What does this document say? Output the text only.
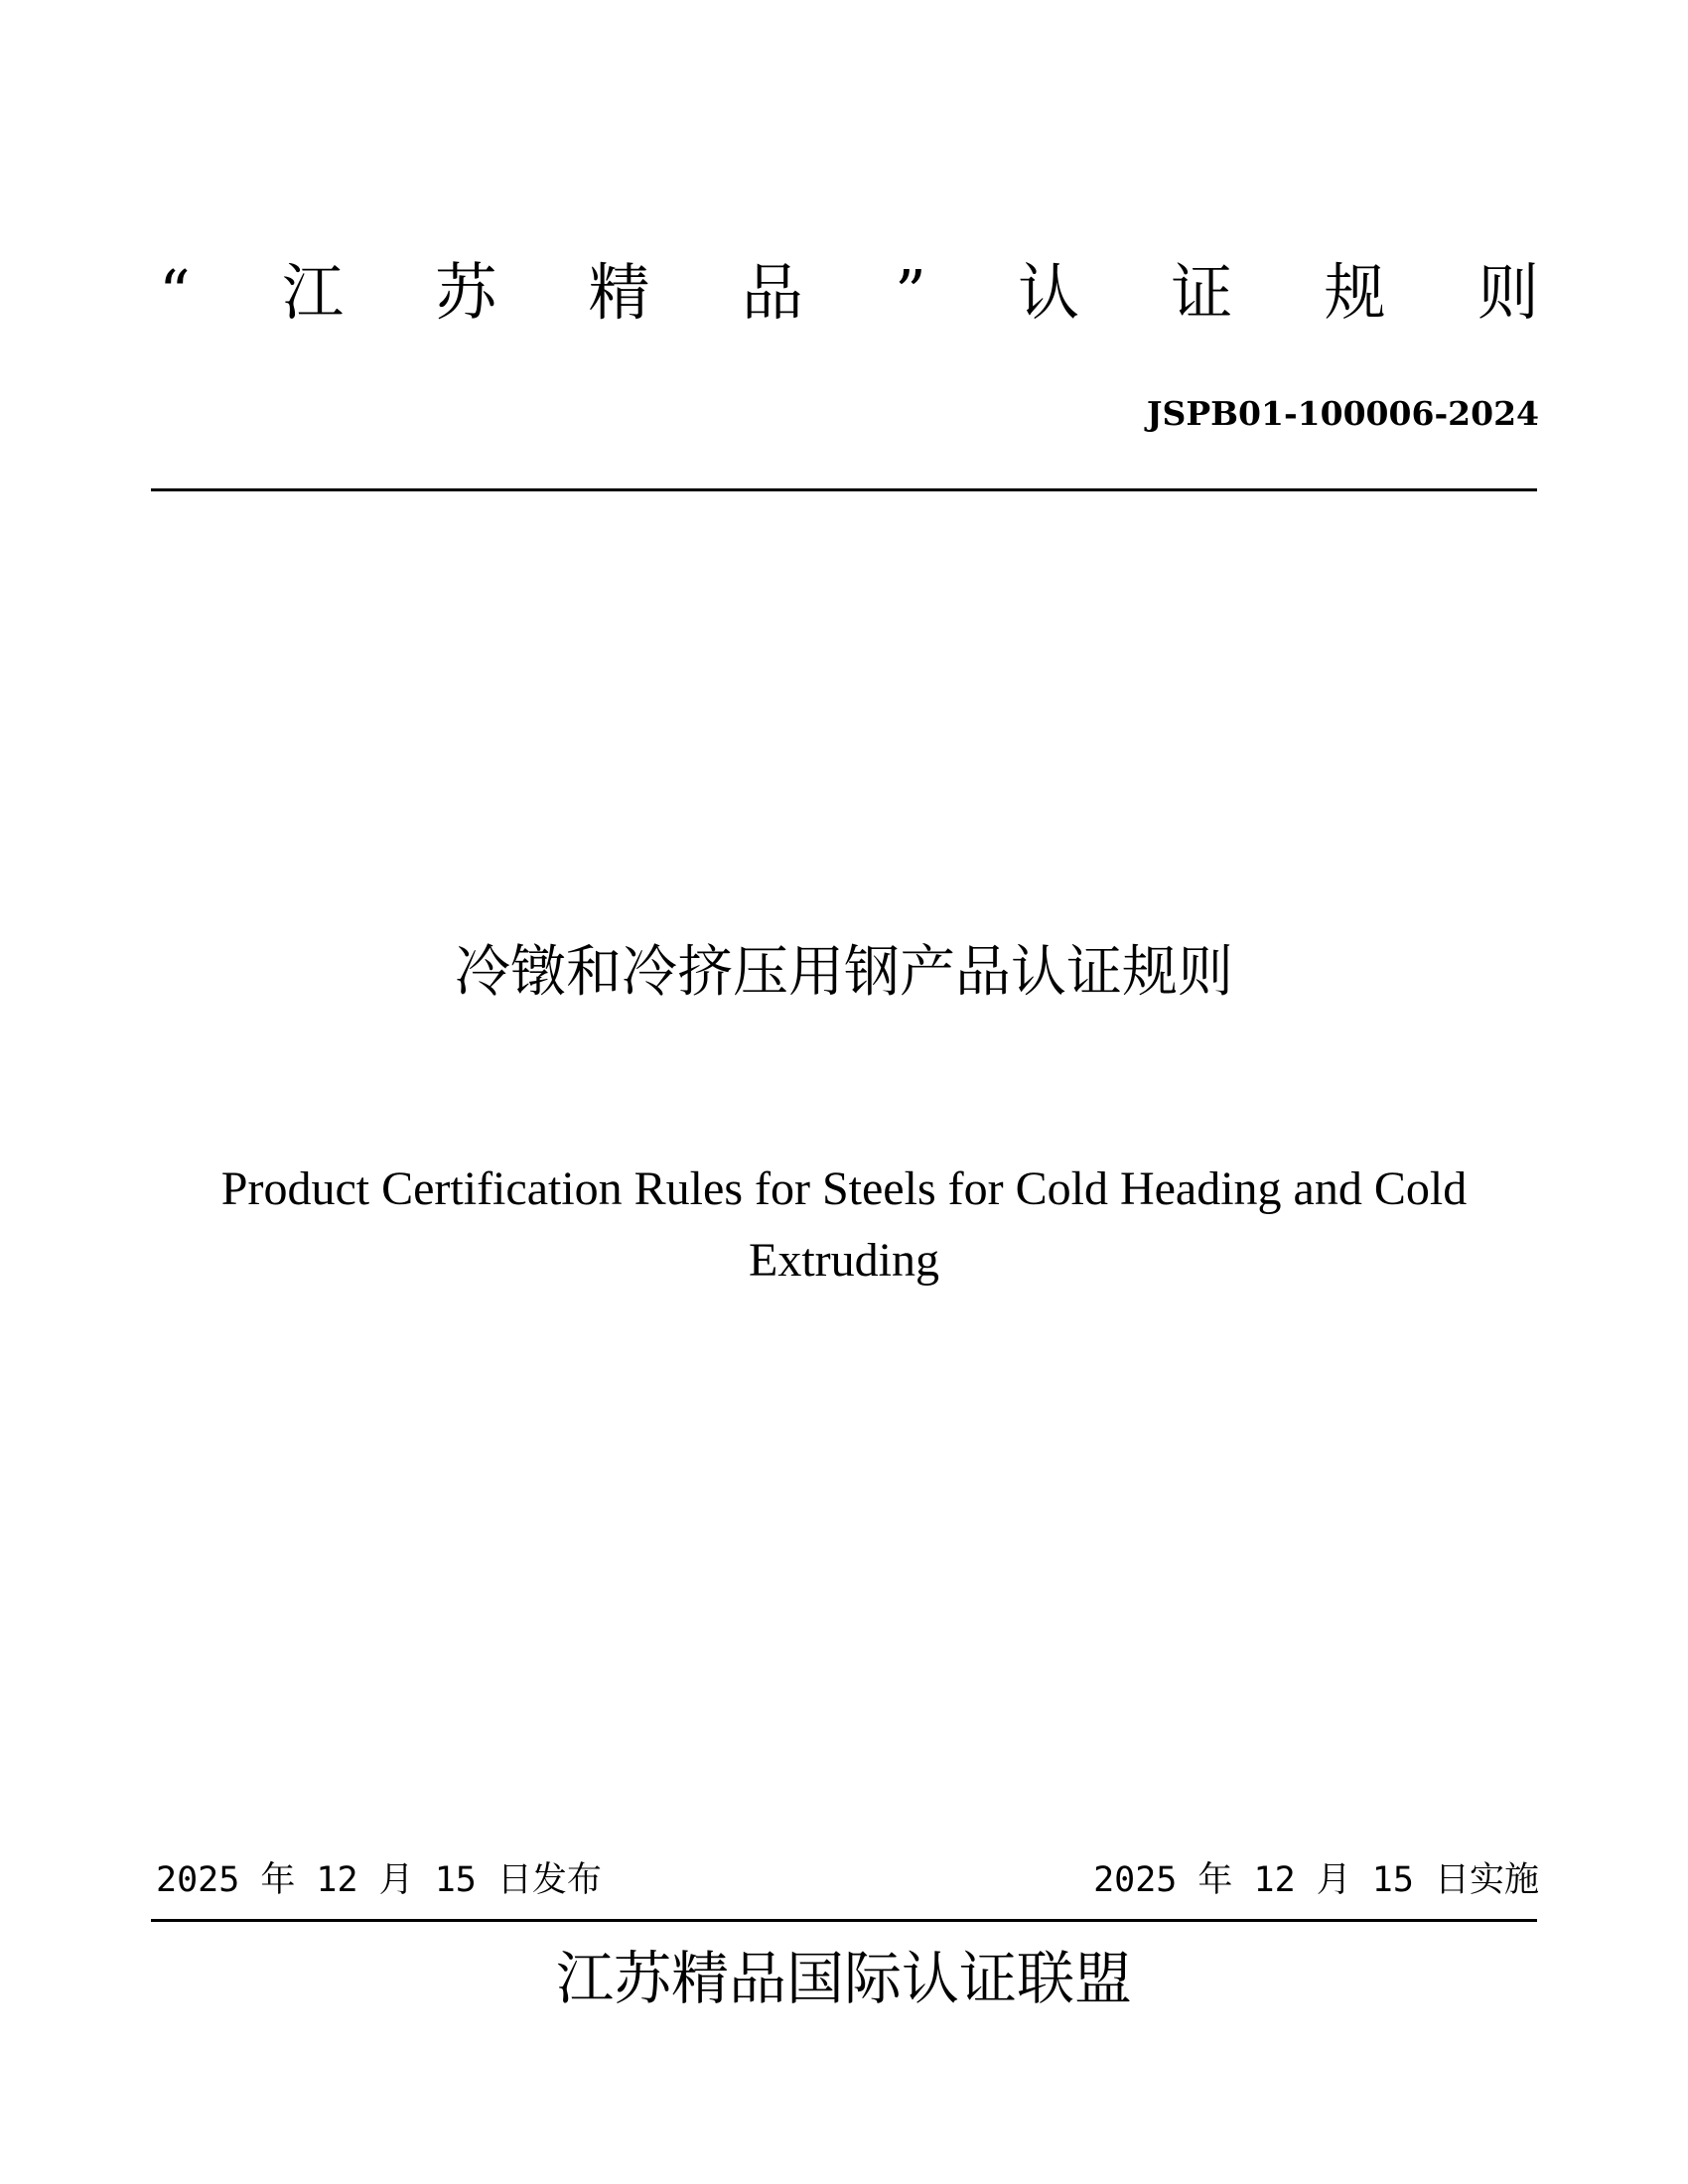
“ 江 苏 精 品 ” 认 证 规 则
JSPB01-100006-2024
冷镦和冷挤压用钢产品认证规则
Product Certification Rules for Steels for Cold Heading and Cold Extruding
2025 年 12 月 15 日发布	2025 年 12 月 15 日实施
江苏精品国际认证联盟
